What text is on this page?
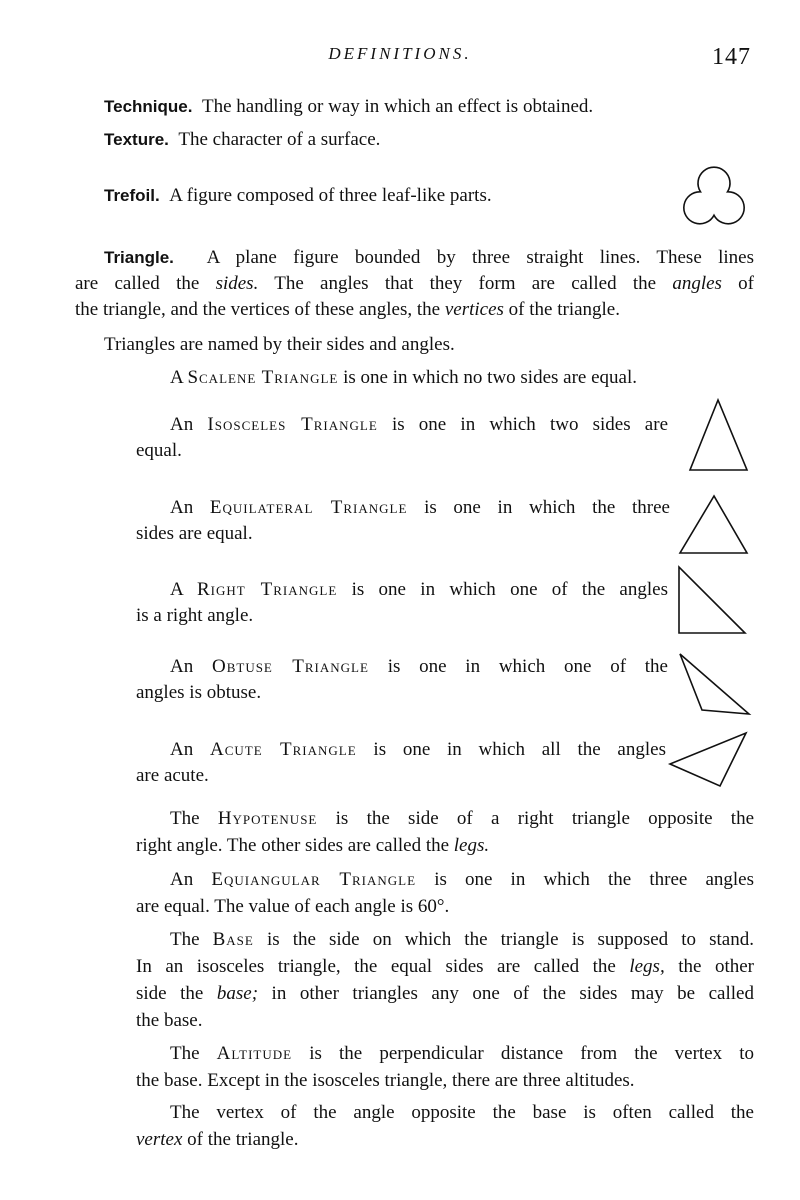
DEFINITIONS.	147
Technique. The handling or way in which an effect is obtained.
Texture. The character of a surface.
Trefoil. A figure composed of three leaf-like parts.
Triangle. A plane figure bounded by three straight lines. These lines
are called the sides. The angles that they form are called the angles of
the triangle, and the vertices of these angles, the vertices of the triangle.
Triangles are named by their sides and angles.
A Scalene Triangle is one in which no two sides are equal.
An Isosceles Triangle is one in which two sides are
equal.
An Equilateral Triangle is one in which the three
sides are equal.
A Right Triangle is one in which one of the angles
is a right angle.
An Obtuse Triangle is one in which one of the
angles is obtuse.
An Acute Triangle is one in which all the angles
are acute.
The Hypotenuse is the side of a right triangle opposite the
right angle. The other sides are called the legs.
An Equiangular Triangle is one in which the three angles
are equal. The value of each angle is 60°.
The Base is the side on which the triangle is supposed to stand.
In an isosceles triangle, the equal sides are called the legs, the other
side the base; in other triangles any one of the sides may be called
the base.
The Altitude is the perpendicular distance from the vertex to
the base. Except in the isosceles triangle, there are three altitudes.
The vertex of the angle opposite the base is often called the
vertex of the triangle.
